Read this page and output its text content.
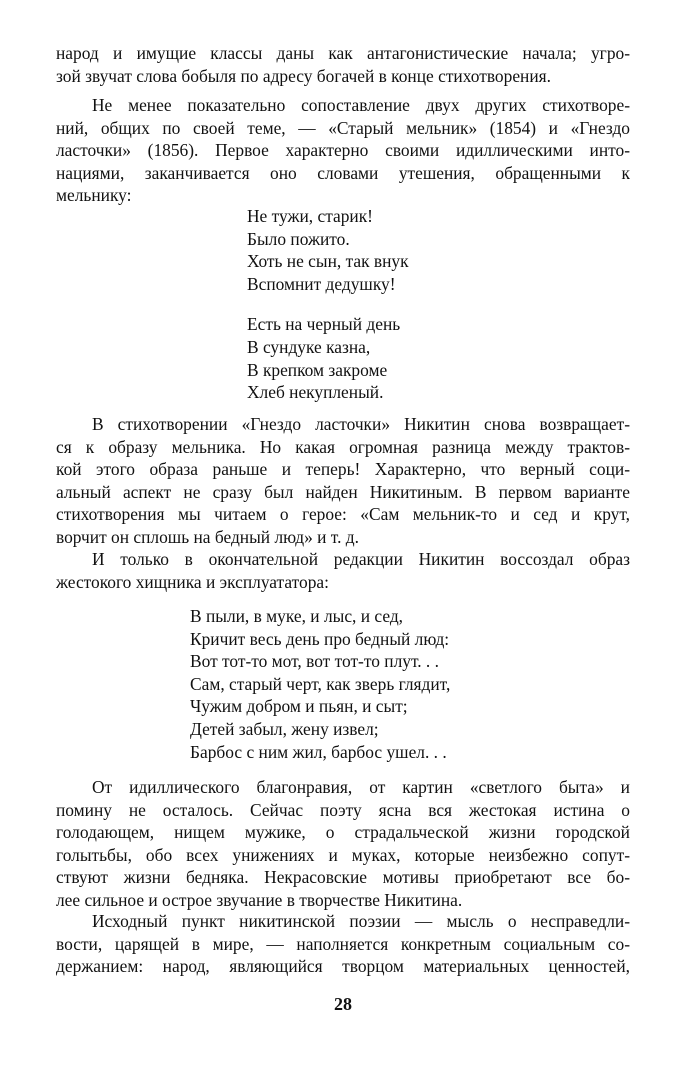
народ и имущие классы даны как антагонистические начала; угро-
зой звучат слова бобыля по адресу богачей в конце стихотворения.
Не менее показательно сопоставление двух других стихотворе-
ний, общих по своей теме, — «Старый мельник» (1854) и «Гнездо
ласточки» (1856). Первое характерно своими идиллическими инто-
нациями, заканчивается оно словами утешения, обращенными к
мельнику:
Не тужи, старик!
Было пожито.
Хоть не сын, так внук
Вспомнит дедушку!
Есть на черный день
В сундуке казна,
В крепком закроме
Хлеб некупленый.
В стихотворении «Гнездо ласточки» Никитин снова возвращает-
ся к образу мельника. Но какая огромная разница между трактов-
кой этого образа раньше и теперь! Характерно, что верный соци-
альный аспект не сразу был найден Никитиным. В первом варианте
стихотворения мы читаем о герое: «Сам мельник-то и сед и крут,
ворчит он сплошь на бедный люд» и т. д.
И только в окончательной редакции Никитин воссоздал образ
жестокого хищника и эксплуататора:
В пыли, в муке, и лыс, и сед,
Кричит весь день про бедный люд:
Вот тот-то мот, вот тот-то плут. . .
Сам, старый черт, как зверь глядит,
Чужим добром и пьян, и сыт;
Детей забыл, жену извел;
Барбос с ним жил, барбос ушел. . .
От идиллического благонравия, от картин «светлого быта» и
помину не осталось. Сейчас поэту ясна вся жестокая истина о
голодающем, нищем мужике, о страдальческой жизни городской
голытьбы, обо всех унижениях и муках, которые неизбежно сопут-
ствуют жизни бедняка. Некрасовские мотивы приобретают все бо-
лее сильное и острое звучание в творчестве Никитина.
Исходный пункт никитинской поэзии — мысль о несправедли-
вости, царящей в мире, — наполняется конкретным социальным со-
держанием: народ, являющийся творцом материальных ценностей,
28
